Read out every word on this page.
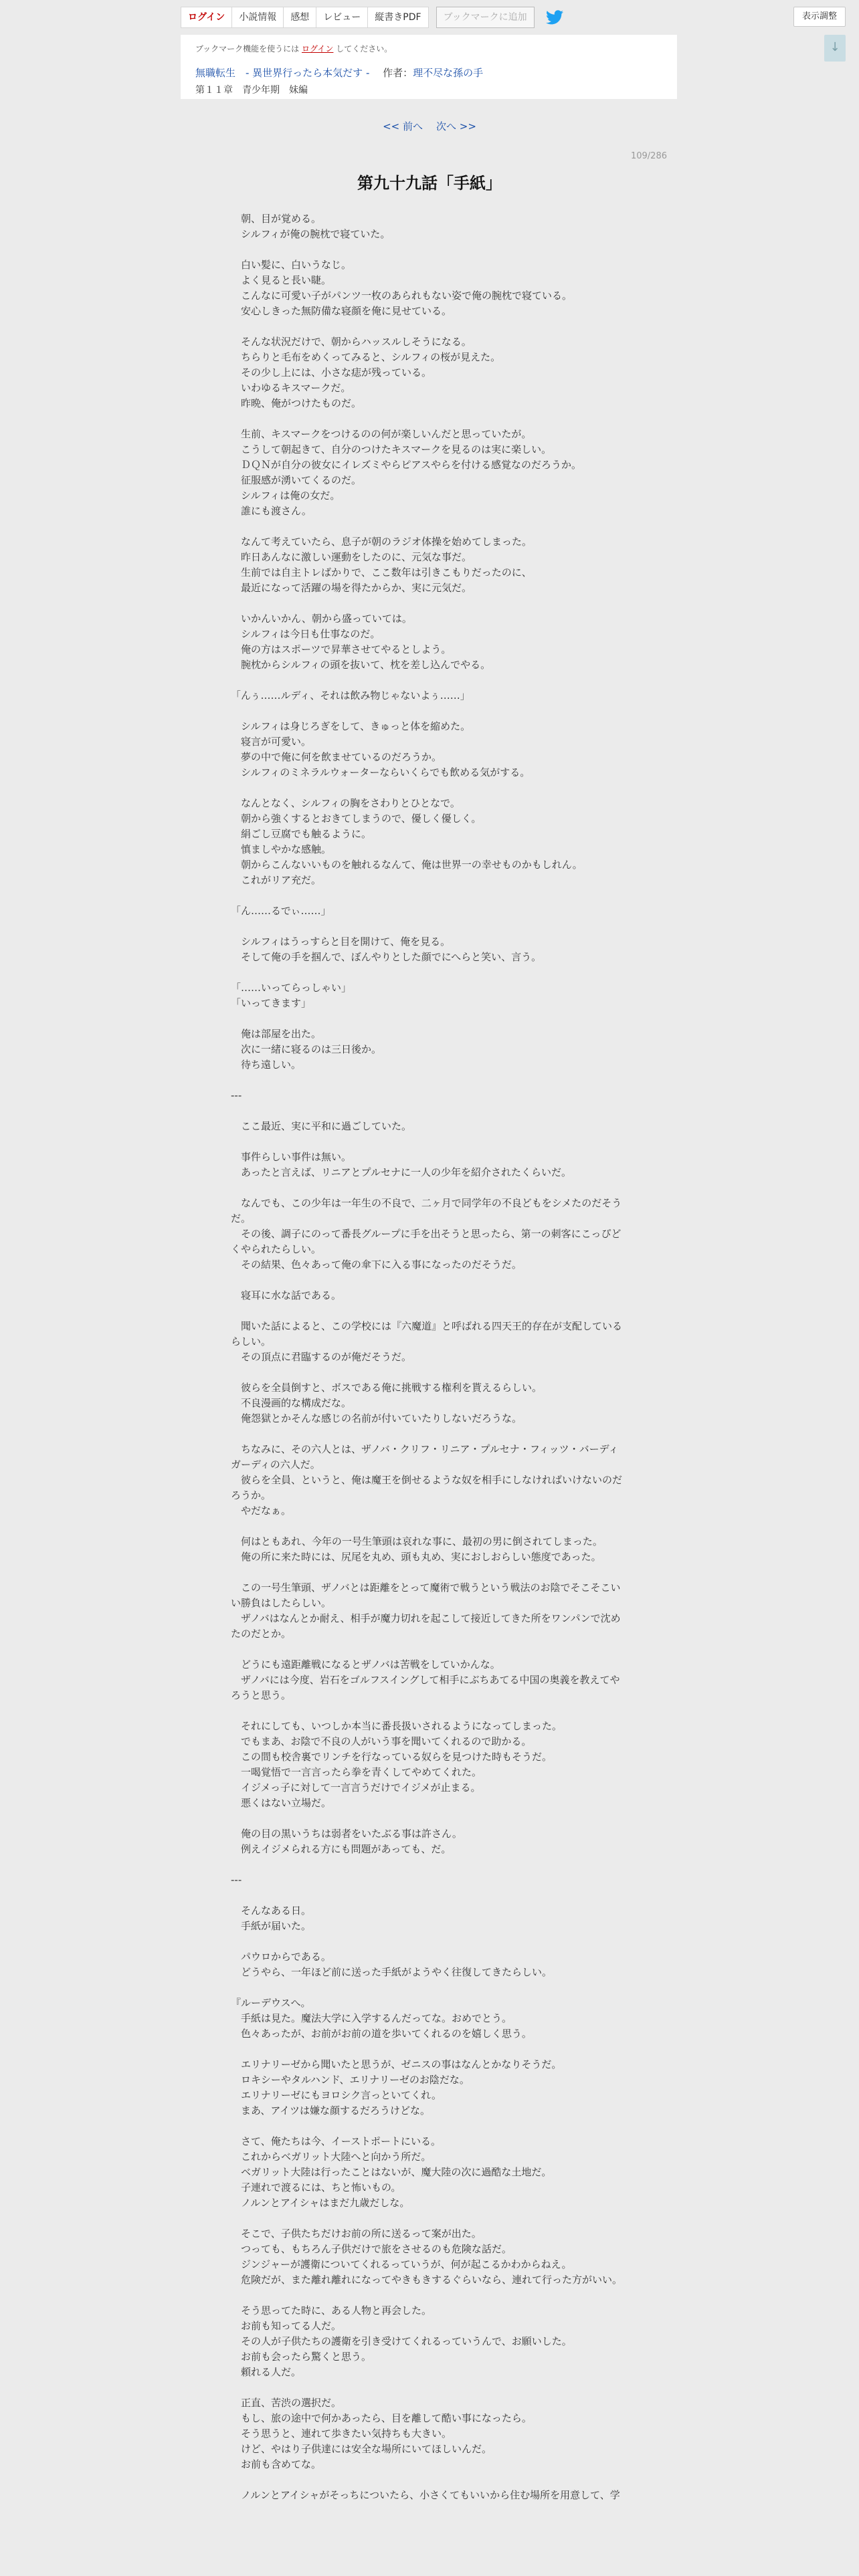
ログイン	小説情報	感想	レビュー	縦書きPDF	ブックマークに追加	表示調整
↓
ブックマーク機能を使うには ログイン してください。
無職転生　- 異世界行ったら本気だす -　 作者：理不尽な孫の手
第１１章　青少年期　妹編
<< 前へ 次へ >>
109/286
第九十九話「手紙」

　朝、目が覚める。
　シルフィが俺の腕枕で寝ていた。

　白い髪に、白いうなじ。
　よく見ると長い睫。
　こんなに可愛い子がパンツ一枚のあられもない姿で俺の腕枕で寝ている。
　安心しきった無防備な寝顔を俺に見せている。

　そんな状況だけで、朝からハッスルしそうになる。
　ちらりと毛布をめくってみると、シルフィの桜が見えた。
　その少し上には、小さな痣が残っている。
　いわゆるキスマークだ。
　昨晩、俺がつけたものだ。

　生前、キスマークをつけるのの何が楽しいんだと思っていたが。
　こうして朝起きて、自分のつけたキスマークを見るのは実に楽しい。
　ＤＱＮが自分の彼女にイレズミやらピアスやらを付ける感覚なのだろうか。
　征服感が湧いてくるのだ。
　シルフィは俺の女だ。
　誰にも渡さん。

　なんて考えていたら、息子が朝のラジオ体操を始めてしまった。
　昨日あんなに激しい運動をしたのに、元気な事だ。
　生前では自主トレばかりで、ここ数年は引きこもりだったのに、
　最近になって活躍の場を得たからか、実に元気だ。

　いかんいかん、朝から盛っていては。
　シルフィは今日も仕事なのだ。
　俺の方はスポーツで昇華させてやるとしよう。
　腕枕からシルフィの頭を抜いて、枕を差し込んでやる。

「んぅ……ルディ、それは飲み物じゃないよぅ……」

　シルフィは身じろぎをして、きゅっと体を縮めた。
　寝言が可愛い。
　夢の中で俺に何を飲ませているのだろうか。
　シルフィのミネラルウォーターならいくらでも飲める気がする。

　なんとなく、シルフィの胸をさわりとひとなで。
　朝から強くするとおきてしまうので、優しく優しく。
　絹ごし豆腐でも触るように。
　慎ましやかな感触。
　朝からこんないいものを触れるなんて、俺は世界一の幸せものかもしれん。
　これがリア充だ。

「ん……るでぃ……」

　シルフィはうっすらと目を開けて、俺を見る。
　そして俺の手を掴んで、ぼんやりとした顔でにへらと笑い、言う。

「……いってらっしゃい」
「いってきます」

　俺は部屋を出た。
　次に一緒に寝るのは三日後か。
　待ち遠しい。

---

　ここ最近、実に平和に過ごしていた。

　事件らしい事件は無い。
　あったと言えば、リニアとプルセナに一人の少年を紹介されたくらいだ。

　なんでも、この少年は一年生の不良で、二ヶ月で同学年の不良どもをシメたのだそうだ。
　その後、調子にのって番長グループに手を出そうと思ったら、第一の刺客にこっぴどくやられたらしい。
　その結果、色々あって俺の傘下に入る事になったのだそうだ。

　寝耳に水な話である。

　聞いた話によると、この学校には『六魔道』と呼ばれる四天王的存在が支配しているらしい。
　その頂点に君臨するのが俺だそうだ。

　彼らを全員倒すと、ボスである俺に挑戦する権利を貰えるらしい。
　不良漫画的な構成だな。
　俺怨獄とかそんな感じの名前が付いていたりしないだろうな。

　ちなみに、その六人とは、ザノバ・クリフ・リニア・プルセナ・フィッツ・バーディガーディの六人だ。
　彼らを全員、というと、俺は魔王を倒せるような奴を相手にしなければいけないのだろうか。
　やだなぁ。

　何はともあれ、今年の一号生筆頭は哀れな事に、最初の男に倒されてしまった。
　俺の所に来た時には、尻尾を丸め、頭も丸め、実におしおらしい態度であった。

　この一号生筆頭、ザノバとは距離をとって魔術で戦うという戦法のお陰でそこそこいい勝負はしたらしい。
　ザノバはなんとか耐え、相手が魔力切れを起こして接近してきた所をワンパンで沈めたのだとか。

　どうにも遠距離戦になるとザノバは苦戦をしていかんな。
　ザノバには今度、岩石をゴルフスイングして相手にぶちあてる中国の奥義を教えてやろうと思う。

　それにしても、いつしか本当に番長扱いされるようになってしまった。
　でもまあ、お陰で不良の人がいう事を聞いてくれるので助かる。
　この間も校舎裏でリンチを行なっている奴らを見つけた時もそうだ。
　一喝覚悟で一言言ったら拳を青くしてやめてくれた。
　イジメっ子に対して一言言うだけでイジメが止まる。
　悪くはない立場だ。

　俺の目の黒いうちは弱者をいたぶる事は許さん。
　例えイジメられる方にも問題があっても、だ。

---

　そんなある日。
　手紙が届いた。

　パウロからである。
　どうやら、一年ほど前に送った手紙がようやく往復してきたらしい。

『ルーデウスへ。
　手紙は見た。魔法大学に入学するんだってな。おめでとう。
　色々あったが、お前がお前の道を歩いてくれるのを嬉しく思う。

　エリナリーゼから聞いたと思うが、ゼニスの事はなんとかなりそうだ。
　ロキシーやタルハンド、エリナリーゼのお陰だな。
　エリナリーゼにもヨロシク言っといてくれ。
　まあ、アイツは嫌な顔するだろうけどな。

　さて、俺たちは今、イーストポートにいる。
　これからベガリット大陸へと向かう所だ。
　ベガリット大陸は行ったことはないが、魔大陸の次に過酷な土地だ。
　子連れで渡るには、ちと怖いもの。
　ノルンとアイシャはまだ九歳だしな。

　そこで、子供たちだけお前の所に送るって案が出た。
　つっても、もちろん子供だけで旅をさせるのも危険な話だ。
　ジンジャーが護衛についてくれるっていうが、何が起こるかわからねえ。
　危険だが、また離れ離れになってやきもきするぐらいなら、連れて行った方がいい。

　そう思ってた時に、ある人物と再会した。
　お前も知ってる人だ。
　その人が子供たちの護衛を引き受けてくれるっていうんで、お願いした。
　お前も会ったら驚くと思う。
　頼れる人だ。

　正直、苦渋の選択だ。
　もし、旅の途中で何かあったら、目を離して酷い事になったら。
　そう思うと、連れて歩きたい気持ちも大きい。
　けど、やはり子供達には安全な場所にいてほしいんだ。
　お前も含めてな。

　ノルンとアイシャがそっちについたら、小さくてもいいから住む場所を用意して、学
